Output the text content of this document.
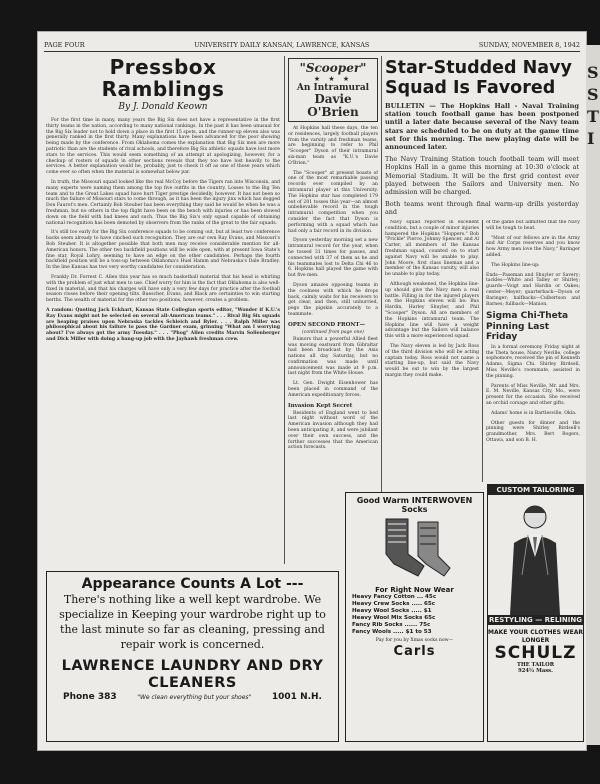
PAGE FOUR	UNIVERSITY DAILY KANSAN, LAWRENCE, KANSAS	SUNDAY, NOVEMBER 8, 1942
Pressbox Ramblings
By J. Donald Keown

For the first time in many, many years the Big Six does not have a representative in the first thirty teams in the nation, according to many national rankings. In the past it has been unusual for the Big Six leader not to hold down a place in the first 15 spots, and the runner-up eleven also was generally ranked in the first thirty. Many explanations have been advanced for the poor showing being made by the conference. From Oklahoma comes the explanation that Big Six men are more patriotic than are the students of rival schools, and therefore Big Six athletic squads have lost more stars to the services. This would seem something of an attempt at apologizing, however, for a checkup of rosters of squads in other sections reveals that they too have lost heavily to the services. A better explanation would be, probably, just to check it off as one of those years which come ever so often when the material is somewhat below par.

In truth, the Missouri squad looked like the real McCoy before the Tigers ran into Wisconsin, and many experts were naming them among the top five outfits in the country. Losses to the Big Ten team and to the Great Lakes squad have hurt Tiger prestige decidedly, however. It has not been so much the failure of Missouri stars to come through, as it has been the injury jinx which has dogged Don Faurot's men. Certainly Bob Steuber has been everything they said he would be when he was a freshman, but no others in the top flight have been on the bench with injuries or has been slowed down on the field with bad knees and such. Thus the Big Six's only squad capable of obtaining national recognition has been demoted by observers from the ranks of the great to the fair squads.

It's still too early for the Big Six conference squads to be coming out, but at least two conference backs seem already to have cinched such recognition. They are our own Ray Evans, and Missouri's Bob Steuber. It is altogether possible that both men may receive considerable mention for all-American honors. The other two backfield positions will be wide open, with at present Iowa State's fine star, Royal Lohry, seeming to have an edge on the other candidates. Perhaps the fourth backfield position will be a toss-up between Oklahoma's Huel Hamm and Nebraska's Dale Bradley. In the line Kansas has two very worthy candidates for consideration.

Frankly Dr. Forrest C. Allen this year has so much basketball material that his head is whirling with the problem of just what men to use. Chief worry for him is the fact that Oklahoma is also well-fixed in material, and that his charges will have only a very few days for practice after the football season closes before their opening tilts. Buescher, Evans, and Black are certainties to win starting berths. The wealth of material for the other two positions, however, creates a problem.

A random: Quoting Jack Eckhart, Kansas State Collegian sports editor, "Wonder if K.U.'s Ray Evans might not be selected on several all-American teams." . . . Rival Big Six squads are heaping praises upon Nebraska tackles Schleich and Byler. . . . Ralph Miller was philosophical about his failure to pass the Gardner exam, grinning "What am I worrying about? I've always got the army Tuesday." . . . "Phog" Allen credits Marvin Sollenberger and Dick Miller with doing a bang-up job with the Jayhawk freshman crew.

"Scooper"
★ ★ ★
An Intramural
Davie O'Brien

At Hopkins hall these days, the ten or residences, largely football players from the varsity and freshman teams, are beginning to refer to Phil "Scooper" Dyson of their intramural six-man team as "K.U.'s Davie O'Brien."

The "Scooper" at present boasts of one of the most remarkable passing records ever compiled by an intramural player at this University. The Hopkins star has completed 179 out of 201 tosses this year—an almost unbelievable record in the tough intramural competition when you consider the fact that Dyson is performing with a squad which has had only a fair record in its division.

Dyson yesterday morning set a new intramural record for the year, when he tossed 31 times for passes, and connected with 37 of them as he and his teammates lost to Delta Chi 46 to 6. Hopkins hall played the game with but five men.

Dyson amazes opposing teams in the coolness with which he drops back, calmly waits for his receivers to get clear, and then, still unhurried, pegs the pigskin accurately to a teammate.

OPEN SECOND FRONT—
(continued from page one)

Rumors that a powerful Allied fleet was moving eastward from Gibraltar had been broadcast by the Axis nations all day Saturday, but no confirmation was made until announcement was made at 9 p.m. last night from the White House.

Lt. Gen. Dwight Eisenhower has been placed in command of the American expeditionary forces.

Invasion Kept Secret

Residents of England went to bed last night without word of the American invasion although they had been anticipating it, and were jubilant over their own success, and the further successes that the American action forecasts.

Star-Studded Navy Squad Is Favored

BULLETIN — The Hopkins Hall - Naval Training station touch football game has been postponed until a later date because several of the Navy team stars are scheduled to be on duty at the game time set for this morning. The new playing date will be announced later.

The Navy Training Station touch football team will meet Hopkins Hall in a game this morning at 10:30 o'clock at Memorial Stadium. It will be the first grid contest ever played between the Sailors and University men. No admission will be charged.

Both teams went through final warm-up drills yesterday and

Navy squad reported in excellent condition, but a couple of minor injuries hampered the Hopkins "Hoppers." Bob "Prickle" Pierce, Johnny Spencer, and Al Carter, all members of the Kansas freshman squad, counted on to start against Navy will be unable to play. John Moore, first class lineman and a member of the Kansas varsity, will also be unable to play today.

Although weakened, the Hopkins line-up should give the Navy men a real battle. Filling in for the injured players on the Hopkins eleven will be: Bus Hardin, Harley Shuyler, and Phil "Scooper" Dyson. All are members of the Hopkins intramural team. The Hopkins line will have a weight advantage but the Sailors will balance this with a more experienced squad.

The Navy eleven is led by Jack Ross of the third division who will be acting captain today. Ross would not name a starting line-up, but said the Navy would be out to win by the largest margin they could make.

of the game but admitted that the Navy will be tough to beat.

"Most of our fellows are in the Army and Air Corps reserves and you know how Army men love the Navy," Baringer added.

The Hopkins line-up:

Ends—Paseman and Shuyler or Savery; tackles—White and Talley or Shirley; guards—Voigt and Hardin or Oakes; center—Meyer; quarterback—Dyson or Baringer; halfbacks—Culbertson and Barnes; fullback—Manion.

Sigma Chi-Theta Pinning Last Friday

In a formal ceremony Friday night at the Theta house, Nancy Neville, college sophomore, received the pin of Kenneth Adams, Sigma Chi. Shirley Birdsell, Miss Neville's roommate, assisted in the pinning.

Parents of Miss Neville, Mr. and Mrs. E. M. Neville, Kansas City, Mo., were present for the occasion. She received an orchid corsage and other gifts.

Adams' home is in Bartlesville, Okla.

Other guests for dinner and the pinning were Shirley Birdsell's grandmother, Mrs. Bert Rogers, Ottawa, and son B. H.

Good Warm INTERWOVEN Socks
For Right Now Wear
Heavy Fancy Cotton ... 45c
Heavy Crew Socks ..... 65c
Heavy Wool Socks ..... $1
Heavy Wool Mix Socks 65c
Fancy Rib Socks ...... 75c
Fancy Wools ..... $1 to 53
Pay for you by Xmas socks now—
Carls
CUSTOM TAILORING
RESTYLING — RELINING
MAKE YOUR CLOTHES WEAR LONGER
SCHULZ
THE TAILOR
924½ Mass.
Appearance Counts A Lot ---
There's nothing like a well kept wardrobe. We specialize in Keeping your wardrobe right up to the last minute so far as cleaning, pressing and repair work is concerned.
LAWRENCE LAUNDRY AND DRY CLEANERS
Phone 383	"We clean everything but your shoes" 1001 N.H.
S
S
T
I
